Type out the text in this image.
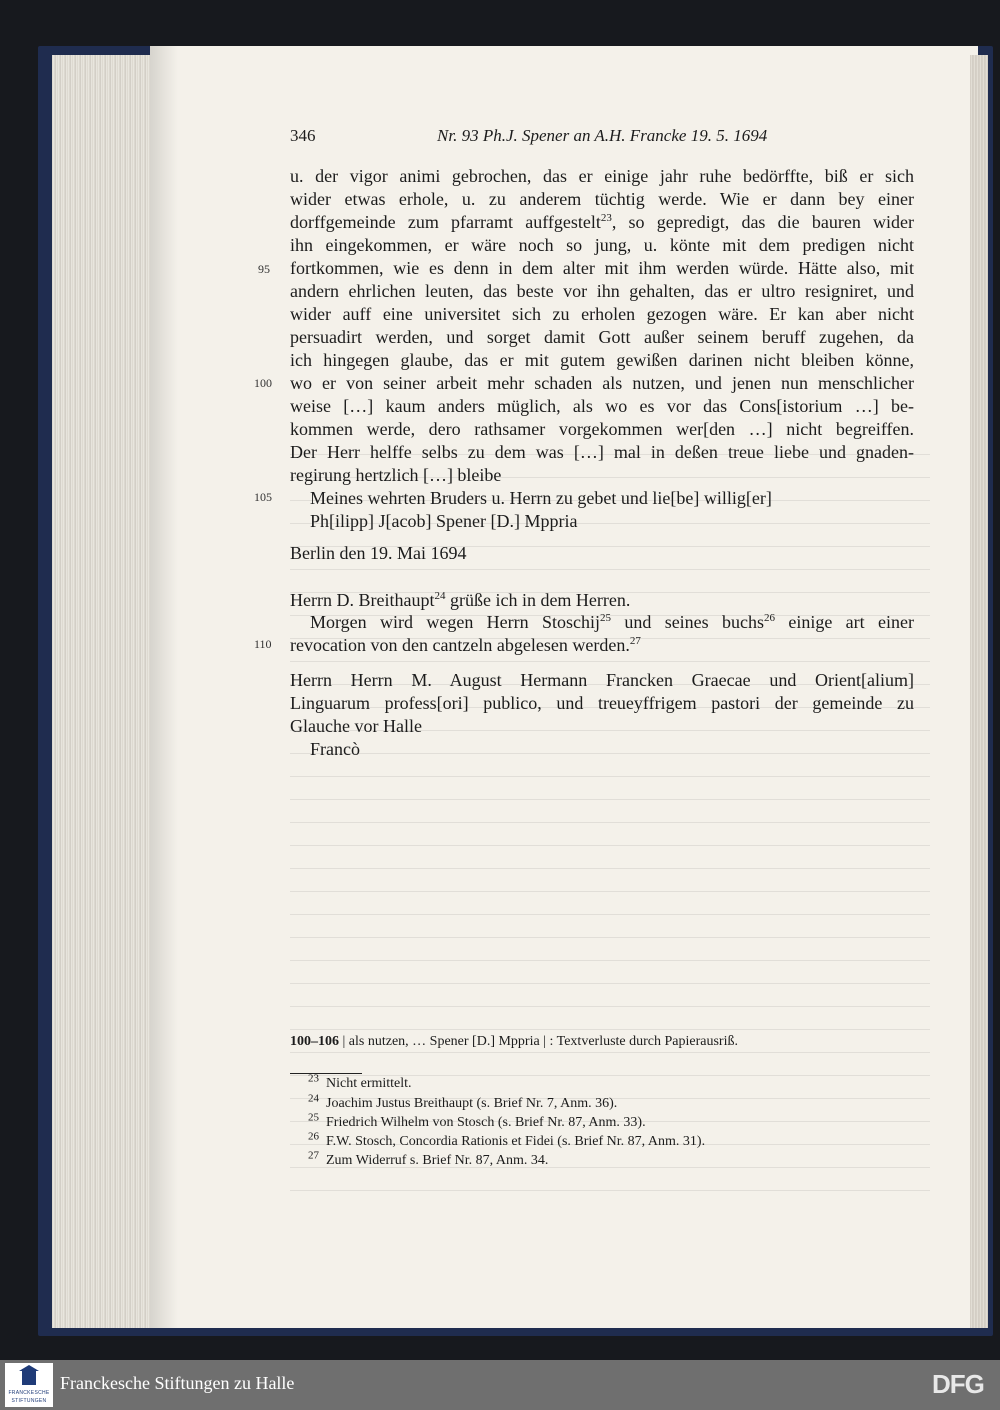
346	Nr. 93 Ph.J. Spener an A.H. Francke 19. 5. 1694

u. der vigor animi gebrochen, das er einige jahr ruhe bedörffte, biß er sich

wider etwas erhole, u. zu anderem tüchtig werde. Wie er dann bey einer

dorffgemeinde zum pfarramt auffgestelt$^{23}$, so gepredigt, das die bauren wider

ihn eingekommen, er wäre noch so jung, u. könte mit dem predigen nicht

fortkommen, wie es denn in dem alter mit ihm werden würde. Hätte also, mit

andern ehrlichen leuten, das beste vor ihn gehalten, das er ultro resigniret, und

wider auff eine universitet sich zu erholen gezogen wäre. Er kan aber nicht

persuadirt werden, und sorget damit Gott außer seinem beruff zugehen, da

ich hingegen glaube, das er mit gutem gewißen darinen nicht bleiben könne,

wo er von seiner arbeit mehr schaden als nutzen, und jenen nun menschlicher

weise […] kaum anders müglich, als wo es vor das Cons[istorium …] be-

kommen werde, dero rathsamer vorgekommen wer[den …] nicht begreiffen.

Der Herr helffe selbs zu dem was […] mal in deßen treue liebe und gnaden-

regirung hertzlich […] bleibe

95

100

105

110

Meines wehrten Bruders u. Herrn zu gebet und lie[be] willig[er]

Ph[ilipp] J[acob] Spener [D.] Mppria

Berlin den 19. Mai 1694

Herrn D. Breithaupt$^{24}$ grüße ich in dem Herren.

Morgen wird wegen Herrn Stoschij$^{25}$ und seines buchs$^{26}$ einige art einer

revocation von den cantzeln abgelesen werden.$^{27}$

Herrn Herrn M. August Hermann Francken Graecae und Orient[alium]

Linguarum profess[ori] publico, und treueyffrigem pastori der gemeinde zu

Glauche vor Halle

Francò

100–106 | als nutzen, … Spener [D.] Mppria | : Textverluste durch Papierausriß.

$^{23}$ Nicht ermittelt.

$^{24}$ Joachim Justus Breithaupt (s. Brief Nr. 7, Anm. 36).

$^{25}$ Friedrich Wilhelm von Stosch (s. Brief Nr. 87, Anm. 33).

$^{26}$ F.W. Stosch, Concordia Rationis et Fidei (s. Brief Nr. 87, Anm. 31).

$^{27}$ Zum Widerruf s. Brief Nr. 87, Anm. 34.

FRANCKESCHE
STIFTUNGEN
Franckesche Stiftungen zu Halle	DFG
